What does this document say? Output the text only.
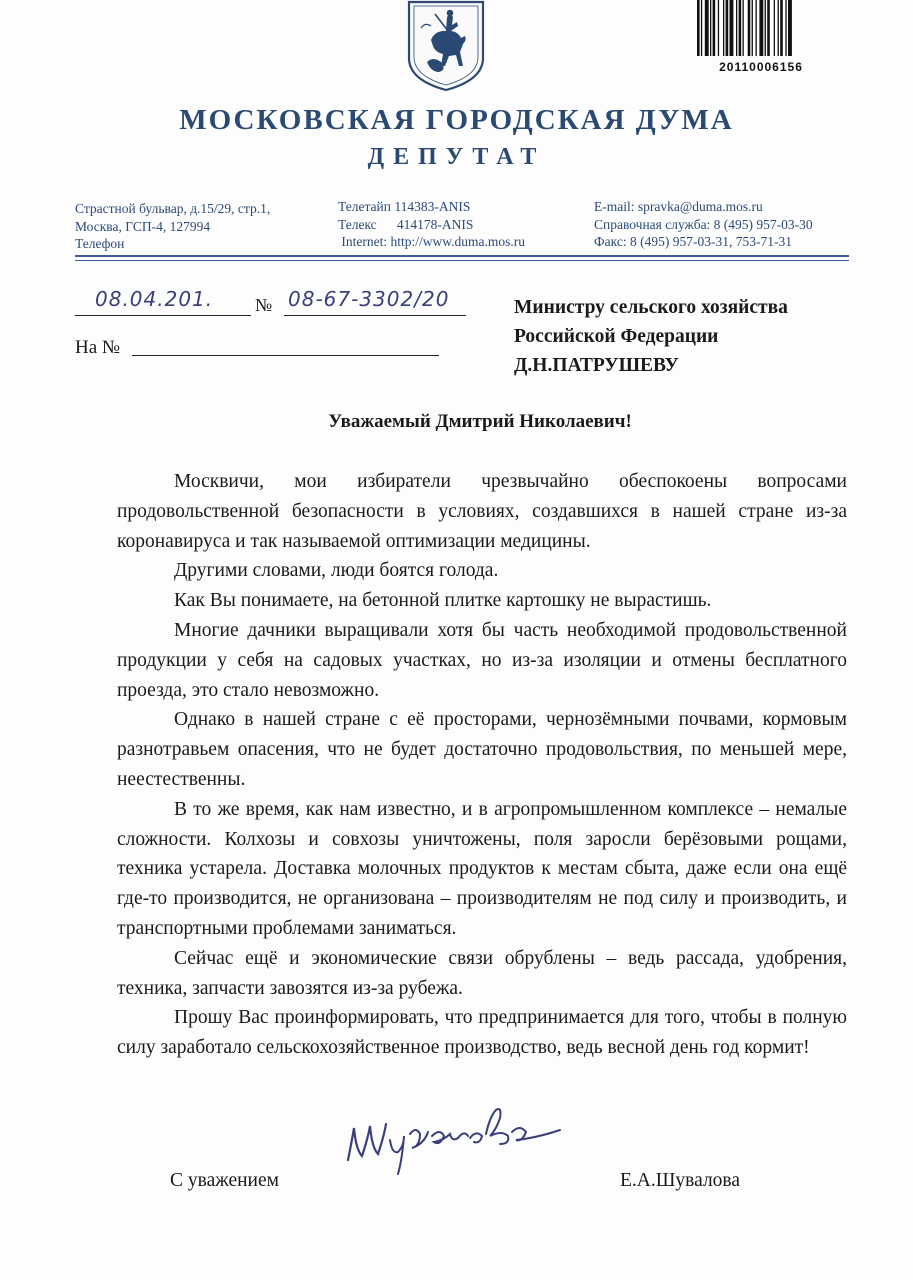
20110006156
МОСКОВСКАЯ ГОРОДСКАЯ ДУМА
ДЕПУТАТ
Страстной бульвар, д.15/29, стр.1,
Москва, ГСП-4, 127994
Телефон
Телетайп 114383-ANIS
Телекс      414178-ANIS
Internet: http://www.duma.mos.ru
E-mail: spravka@duma.mos.ru
Справочная служба: 8 (495) 957-03-30
Факс: 8 (495) 957-03-31, 753-71-31
08.04.201. № 08-67-3302/20
На №
Министру сельского хозяйства
Российской Федерации
Д.Н.ПАТРУШЕВУ
Уважаемый Дмитрий Николаевич!

Москвичи, мои избиратели чрезвычайно обеспокоены вопросами продовольственной безопасности в условиях, создавшихся в нашей стране из-за коронавируса и так называемой оптимизации медицины.

Другими словами, люди боятся голода.

Как Вы понимаете, на бетонной плитке картошку не вырастишь.

Многие дачники выращивали хотя бы часть необходимой продовольственной продукции у себя на садовых участках, но из-за изоляции и отмены бесплатного проезда, это стало невозможно.

Однако в нашей стране с её просторами, чернозёмными почвами, кормовым разнотравьем опасения, что не будет достаточно продовольствия, по меньшей мере, неестественны.

В то же время, как нам известно, и в агропромышленном комплексе – немалые сложности. Колхозы и совхозы уничтожены, поля заросли берёзовыми рощами, техника устарела. Доставка молочных продуктов к местам сбыта, даже если она ещё где-то производится, не организована – производителям не под силу и производить, и транспортными проблемами заниматься.

Сейчас ещё и экономические связи обрублены – ведь рассада, удобрения, техника, запчасти завозятся из-за рубежа.

Прошу Вас проинформировать, что предпринимается для того, чтобы в полную силу заработало сельскохозяйственное производство, ведь весной день год кормит!

С уважением	Е.А.Шувалова
